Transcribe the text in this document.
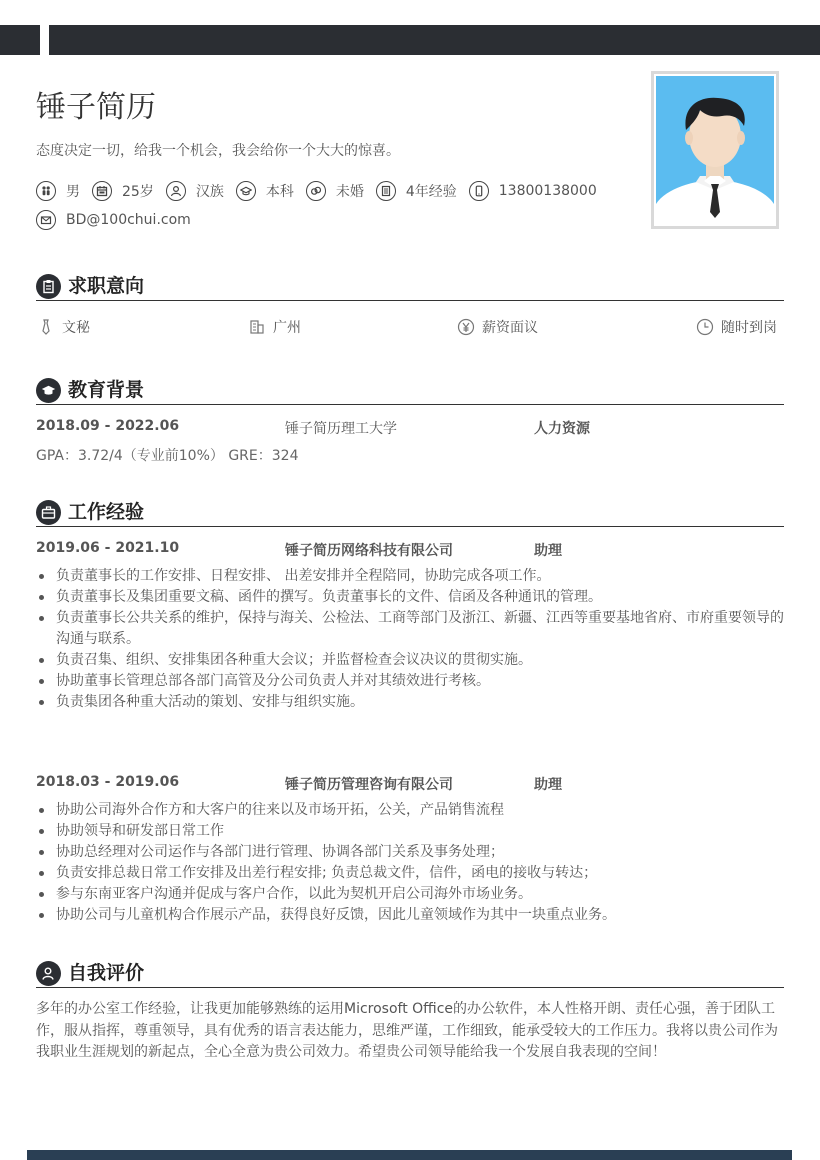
锤子简历
态度决定一切，给我一个机会，我会给你一个大大的惊喜。
男	25岁	汉族	本科	未婚	4年经验	13800138000
BD@100chui.com
求职意向
文秘	广州	薪资面议	随时到岗
教育背景
2018.09 - 2022.06	锤子简历理工大学	人力资源
GPA：3.72/4（专业前10%） GRE：324
工作经验
2019.06 - 2021.10	锤子简历网络科技有限公司	助理
负责董事长的工作安排、日程安排、 出差安排并全程陪同，协助完成各项工作。
负责董事长及集团重要文稿、函件的撰写。负责董事长的文件、信函及各种通讯的管理。
负责董事长公共关系的维护，保持与海关、公检法、工商等部门及浙江、新疆、江西等重要基地省府、市府重要领导的沟通与联系。
负责召集、组织、安排集团各种重大会议；并监督检查会议决议的贯彻实施。
协助董事长管理总部各部门高管及分公司负责人并对其绩效进行考核。
负责集团各种重大活动的策划、安排与组织实施。
2018.03 - 2019.06	锤子简历管理咨询有限公司	助理
协助公司海外合作方和大客户的往来以及市场开拓，公关，产品销售流程
协助领导和研发部日常工作
协助总经理对公司运作与各部门进行管理、协调各部门关系及事务处理；
负责安排总裁日常工作安排及出差行程安排; 负责总裁文件，信件，函电的接收与转达；
参与东南亚客户沟通并促成与客户合作，以此为契机开启公司海外市场业务。
协助公司与儿童机构合作展示产品，获得良好反馈，因此儿童领域作为其中一块重点业务。
自我评价

多年的办公室工作经验，让我更加能够熟练的运用Microsoft Office的办公软件，本人性格开朗、责任心强，善于团队工作，服从指挥，尊重领导，具有优秀的语言表达能力，思维严谨，工作细致，能承受较大的工作压力。我将以贵公司作为我职业生涯规划的新起点，全心全意为贵公司效力。希望贵公司领导能给我一个发展自我表现的空间！
